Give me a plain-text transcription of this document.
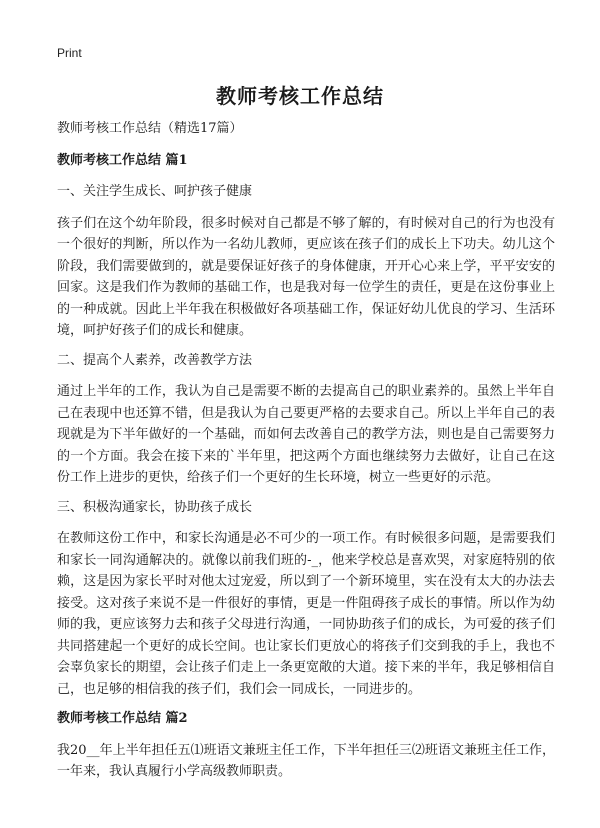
Print
教师考核工作总结

教师考核工作总结（精选17篇）

教师考核工作总结 篇1

一、关注学生成长、呵护孩子健康

孩子们在这个幼年阶段，很多时候对自己都是不够了解的，有时候对自己的行为也没有一个很好的判断，所以作为一名幼儿教师，更应该在孩子们的成长上下功夫。幼儿这个阶段，我们需要做到的，就是要保证好孩子的身体健康，开开心心来上学，平平安安的回家。这是我们作为教师的基础工作，也是我对每一位学生的责任，更是在这份事业上的一种成就。因此上半年我在积极做好各项基础工作，保证好幼儿优良的学习、生活环境，呵护好孩子们的成长和健康。

二、提高个人素养，改善教学方法

通过上半年的工作，我认为自己是需要不断的去提高自己的职业素养的。虽然上半年自己在表现中也还算不错，但是我认为自己要更严格的去要求自己。所以上半年自己的表现就是为下半年做好的一个基础，而如何去改善自己的教学方法，则也是自己需要努力的一个方面。我会在接下来的`半年里，把这两个方面也继续努力去做好，让自己在这份工作上进步的更快，给孩子们一个更好的生长环境，树立一些更好的示范。

三、积极沟通家长，协助孩子成长

在教师这份工作中，和家长沟通是必不可少的一项工作。有时候很多问题，是需要我们和家长一同沟通解决的。就像以前我们班的-_，他来学校总是喜欢哭，对家庭特别的依赖，这是因为家长平时对他太过宠爱，所以到了一个新环境里，实在没有太大的办法去接受。这对孩子来说不是一件很好的事情，更是一件阻碍孩子成长的事情。所以作为幼师的我，更应该努力去和孩子父母进行沟通，一同协助孩子们的成长，为可爱的孩子们共同搭建起一个更好的成长空间。也让家长们更放心的将孩子们交到我的手上，我也不会辜负家长的期望，会让孩子们走上一条更宽敞的大道。接下来的半年，我足够相信自己，也足够的相信我的孩子们，我们会一同成长，一同进步的。

教师考核工作总结 篇2

我20__年上半年担任五⑴班语文兼班主任工作，下半年担任三⑵班语文兼班主任工作，一年来，我认真履行小学高级教师职责。
